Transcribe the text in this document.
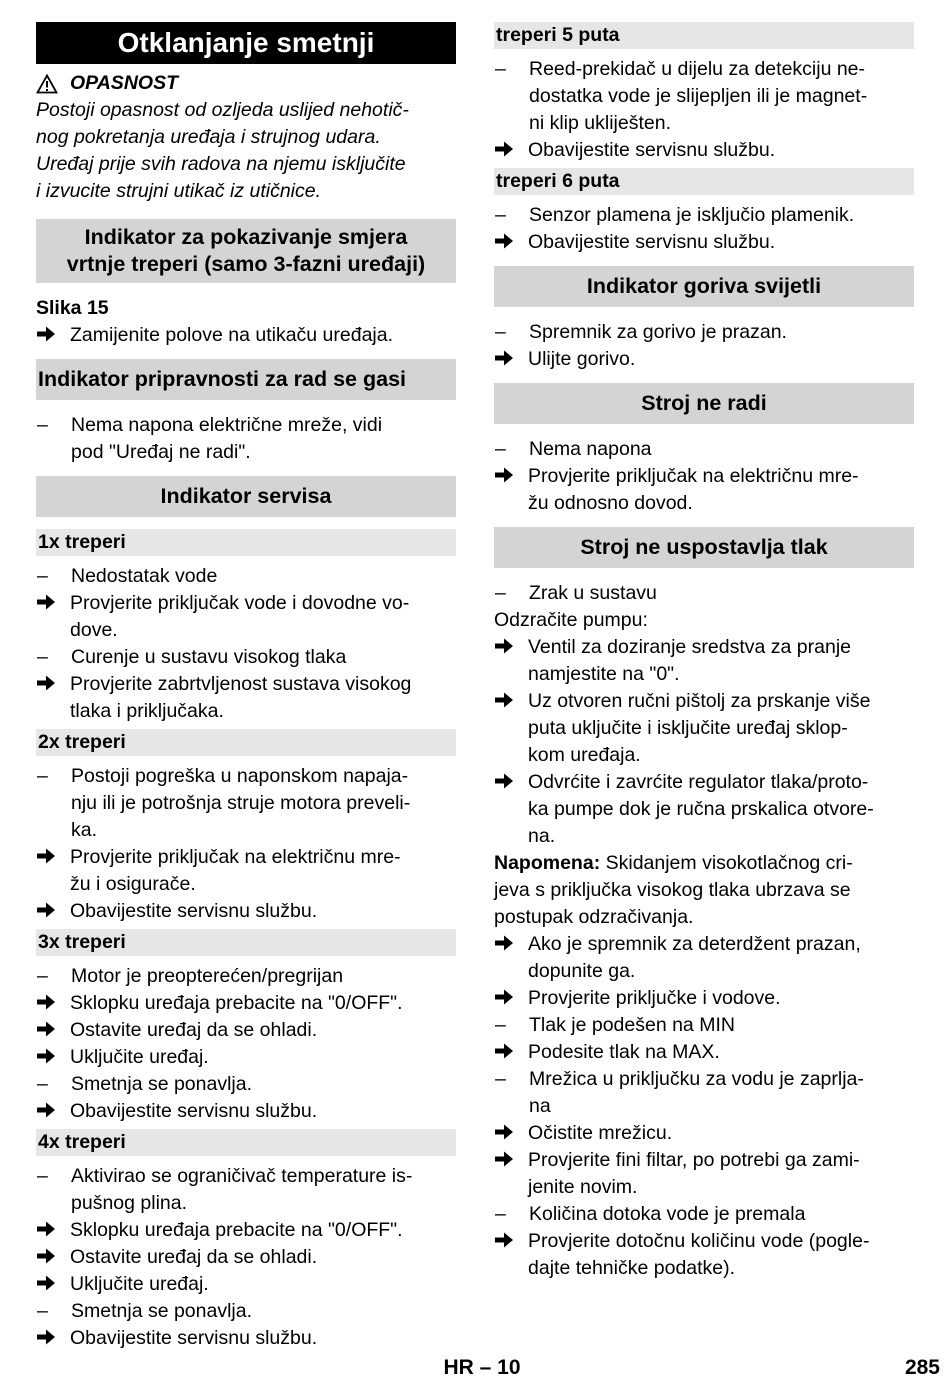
Otklanjanje smetnji
OPASNOST
Postoji opasnost od ozljeda uslijed nehotič-
nog pokretanja uređaja i strujnog udara.
Uređaj prije svih radova na njemu isključite
i izvucite strujni utikač iz utičnice.
Indikator za pokazivanje smjera
vrtnje treperi (samo 3-fazni uređaji)
Slika 15
Zamijenite polove na utikaču uređaja.
Indikator pripravnosti za rad se gasi
–	Nema napona električne mreže, vidi
pod "Uređaj ne radi".
Indikator servisa
1x treperi
–	Nedostatak vode
Provjerite priključak vode i dovodne vo-
dove.
–	Curenje u sustavu visokog tlaka
Provjerite zabrtvljenost sustava visokog
tlaka i priključaka.
2x treperi
–	Postoji pogreška u naponskom napaja-
nju ili je potrošnja struje motora preveli-
ka.
Provjerite priključak na električnu mre-
žu i osigurače.
Obavijestite servisnu službu.
3x treperi
–	Motor je preopterećen/pregrijan
Sklopku uređaja prebacite na "0/OFF".
Ostavite uređaj da se ohladi.
Uključite uređaj.
–	Smetnja se ponavlja.
Obavijestite servisnu službu.
4x treperi
–	Aktivirao se ograničivač temperature is-
pušnog plina.
Sklopku uređaja prebacite na "0/OFF".
Ostavite uređaj da se ohladi.
Uključite uređaj.
–	Smetnja se ponavlja.
Obavijestite servisnu službu.
treperi 5 puta
–	Reed-prekidač u dijelu za detekciju ne-
dostatka vode je slijepljen ili je magnet-
ni klip ukliješten.
Obavijestite servisnu službu.
treperi 6 puta
–	Senzor plamena je isključio plamenik.
Obavijestite servisnu službu.
Indikator goriva svijetli
–	Spremnik za gorivo je prazan.
Ulijte gorivo.
Stroj ne radi
–	Nema napona
Provjerite priključak na električnu mre-
žu odnosno dovod.
Stroj ne uspostavlja tlak
–	Zrak u sustavu
Odzračite pumpu:
Ventil za doziranje sredstva za pranje
namjestite na "0".
Uz otvoren ručni pištolj za prskanje više
puta uključite i isključite uređaj sklop-
kom uređaja.
Odvrćite i zavrćite regulator tlaka/proto-
ka pumpe dok je ručna prskalica otvore-
na.
Napomena: Skidanjem visokotlačnog cri-
jeva s priključka visokog tlaka ubrzava se
postupak odzračivanja.
Ako je spremnik za deterdžent prazan,
dopunite ga.
Provjerite priključke i vodove.
–	Tlak je podešen na MIN
Podesite tlak na MAX.
–	Mrežica u priključku za vodu je zaprlja-
na
Očistite mrežicu.
Provjerite fini filtar, po potrebi ga zami-
jenite novim.
–	Količina dotoka vode je premala
Provjerite dotočnu količinu vode (pogle-
dajte tehničke podatke).
HR – 10	285
